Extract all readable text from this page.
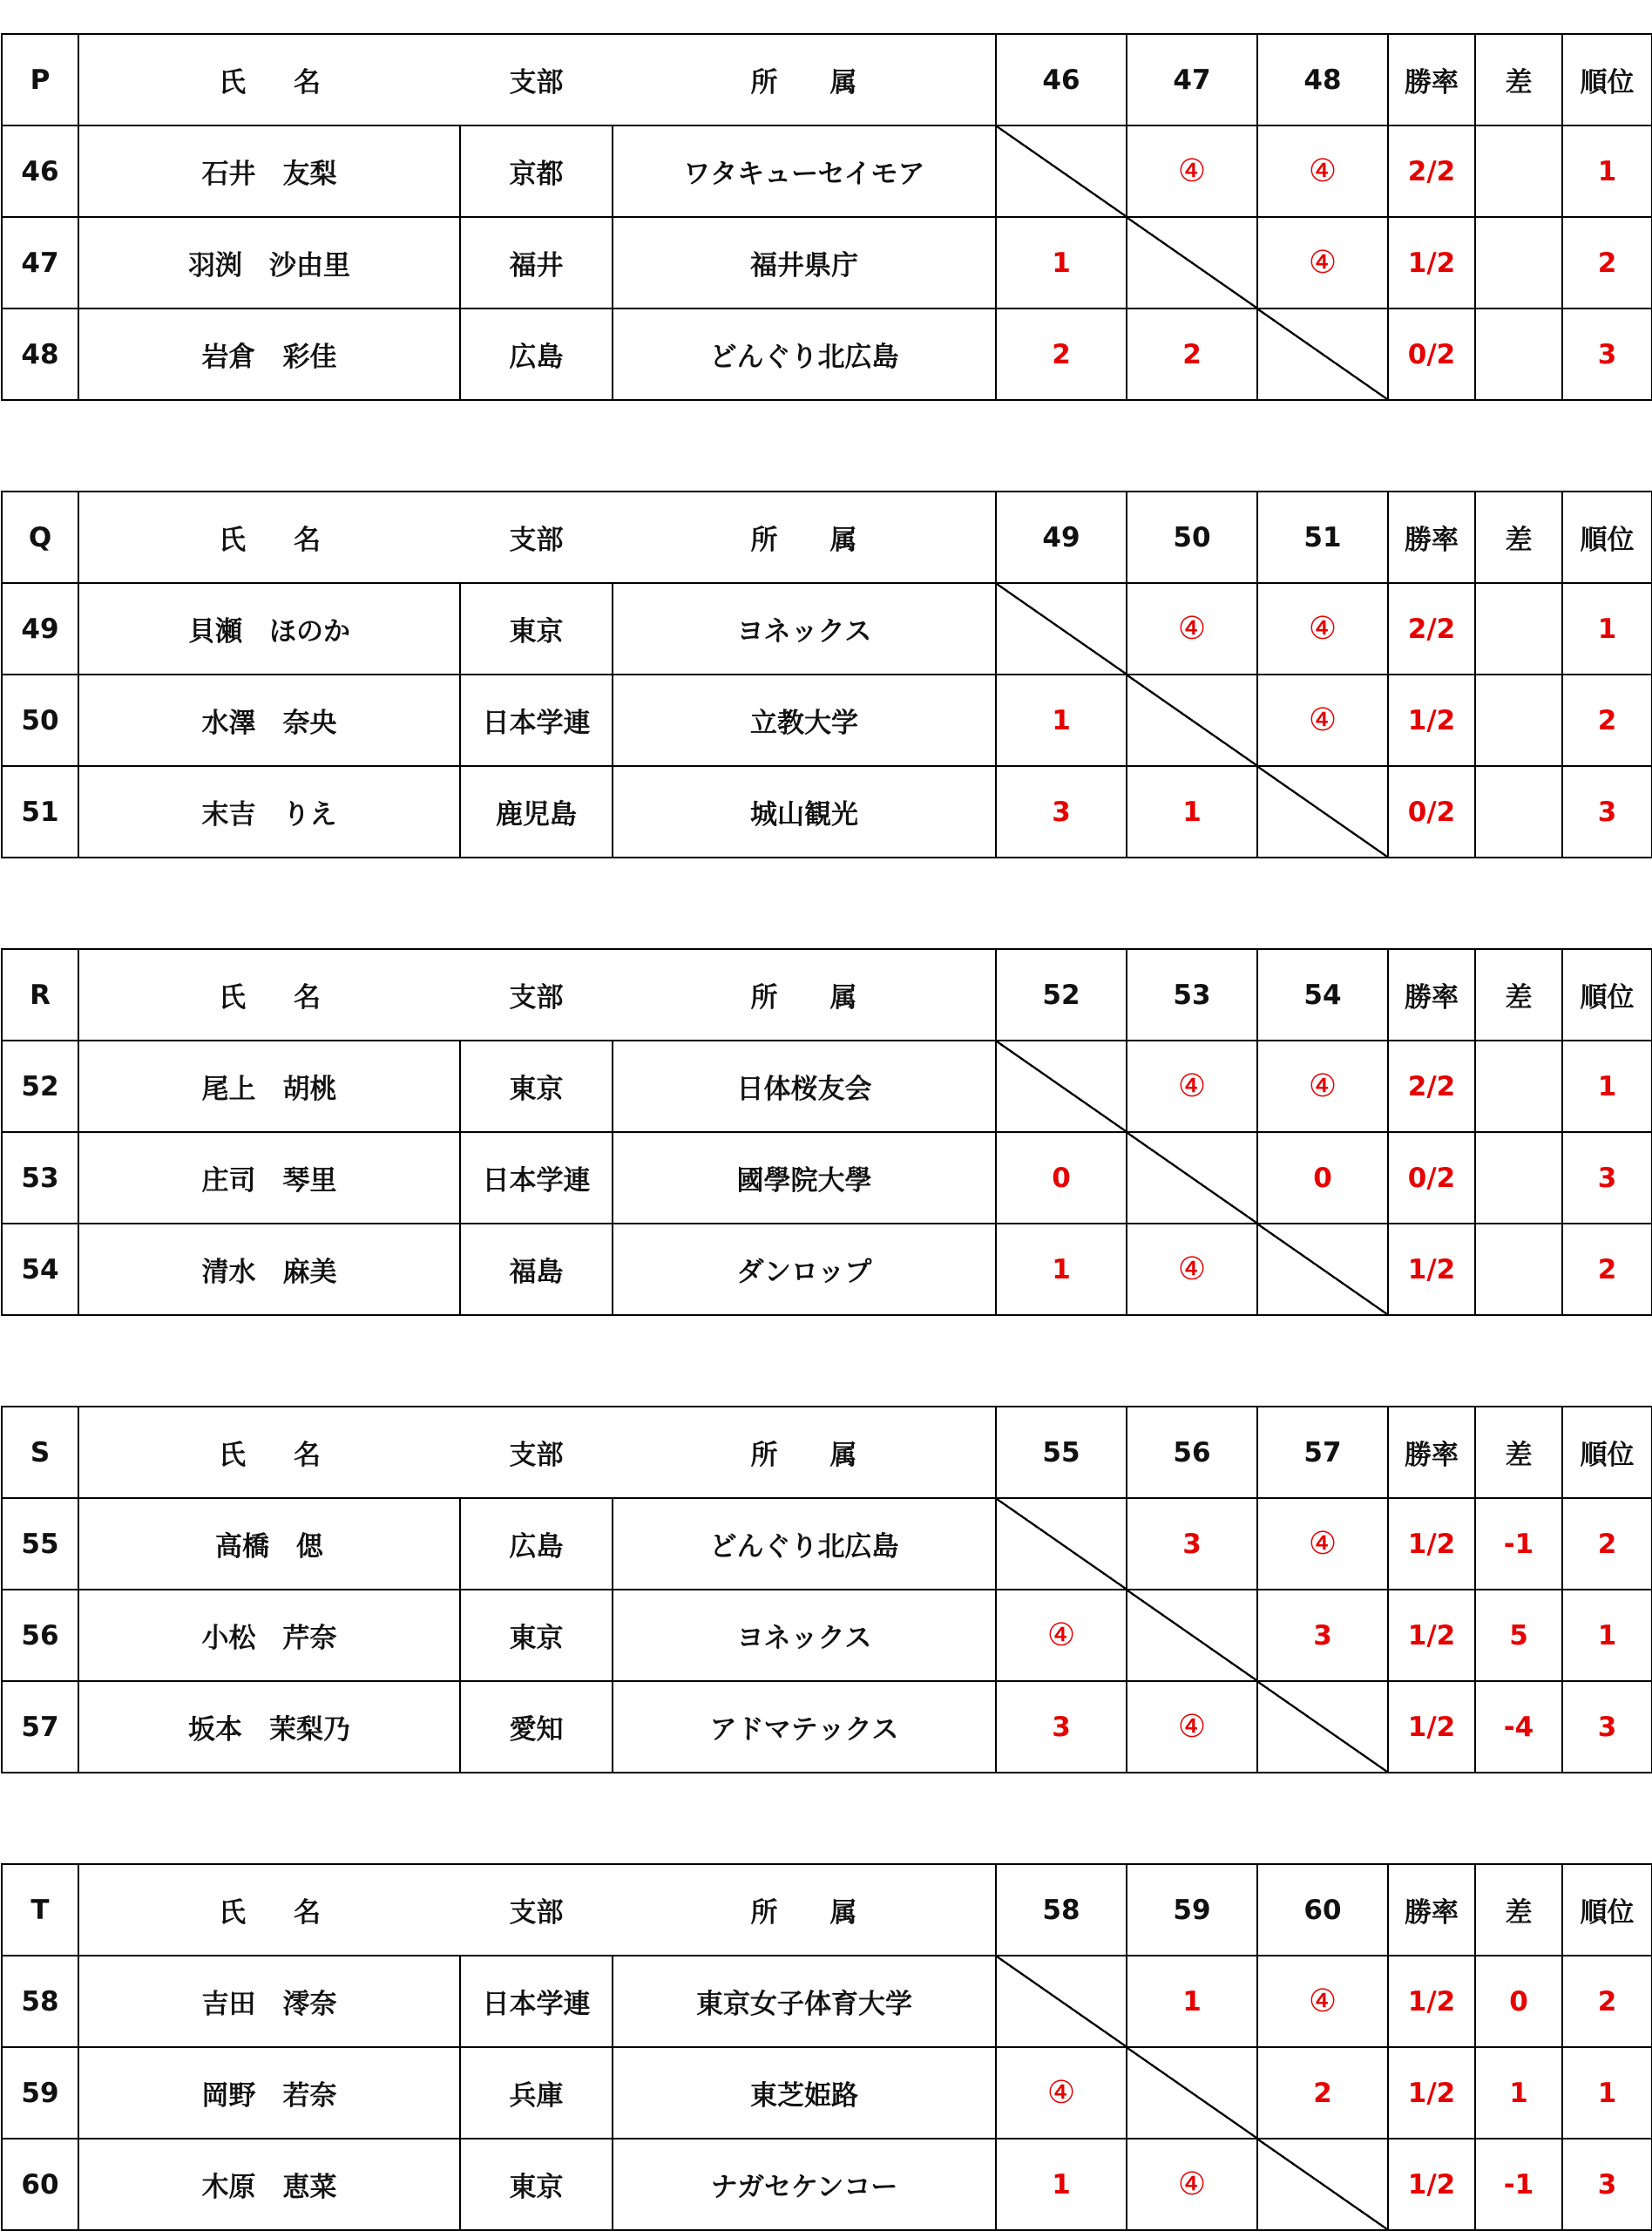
P	氏 名	支部	所 属	46	47	48	勝率	差	順位
46	石井　友梨	京都	ワタキューセイモア		④	④	2/2		1
47	羽渕　沙由里	福井	福井県庁	1		④	1/2		2
48	岩倉　彩佳	広島	どんぐり北広島	2	2		0/2		3
Q	氏 名	支部	所 属	49	50	51	勝率	差	順位
49	貝瀬　ほのか	東京	ヨネックス		④	④	2/2		1
50	水澤　奈央	日本学連	立教大学	1		④	1/2		2
51	末吉　りえ	鹿児島	城山観光	3	1		0/2		3
R	氏 名	支部	所 属	52	53	54	勝率	差	順位
52	尾上　胡桃	東京	日体桜友会		④	④	2/2		1
53	庄司　琴里	日本学連	國學院大學	0		0	0/2		3
54	清水　麻美	福島	ダンロップ	1	④		1/2		2
S	氏 名	支部	所 属	55	56	57	勝率	差	順位
55	高橋　偲	広島	どんぐり北広島		3	④	1/2	-1	2
56	小松　芹奈	東京	ヨネックス	④		3	1/2	5	1
57	坂本　茉梨乃	愛知	アドマテックス	3	④		1/2	-4	3
T	氏 名	支部	所 属	58	59	60	勝率	差	順位
58	吉田　澪奈	日本学連	東京女子体育大学		1	④	1/2	0	2
59	岡野　若奈	兵庫	東芝姫路	④		2	1/2	1	1
60	木原　恵菜	東京	ナガセケンコー	1	④		1/2	-1	3
